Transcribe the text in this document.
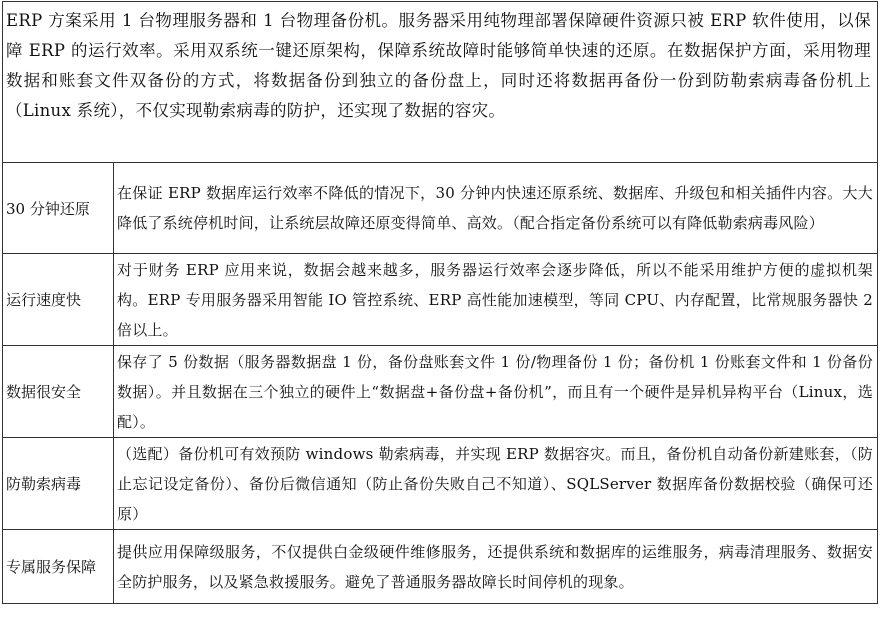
ERP 方案采用 1 台物理服务器和 1 台物理备份机。服务器采用纯物理部署保障硬件资源只被 ERP 软件使用，以保障 ERP 的运行效率。采用双系统一键还原架构，保障系统故障时能够简单快速的还原。在数据保护方面，采用物理数据和账套文件双备份的方式，将数据备份到独立的备份盘上，同时还将数据再备份一份到防勒索病毒备份机上（Linux 系统），不仅实现勒索病毒的防护，还实现了数据的容灾。	

30 分钟还原	在保证 ERP 数据库运行效率不降低的情况下，30 分钟内快速还原系统、数据库、升级包和相关插件内容。大大降低了系统停机时间，让系统层故障还原变得简单、高效。（配合指定备份系统可以有降低勒索病毒风险）
运行速度快	对于财务 ERP 应用来说，数据会越来越多，服务器运行效率会逐步降低，所以不能采用维护方便的虚拟机架构。ERP 专用服务器采用智能 IO 管控系统、ERP 高性能加速模型，等同 CPU、内存配置，比常规服务器快 2 倍以上。
数据很安全	保存了 5 份数据（服务器数据盘 1 份，备份盘账套文件 1 份/物理备份 1 份；备份机 1 份账套文件和 1 份备份数据）。并且数据在三个独立的硬件上“数据盘+备份盘+备份机”，而且有一个硬件是异机异构平台（Linux，选配）。
防勒索病毒	（选配）备份机可有效预防 windows 勒索病毒，并实现 ERP 数据容灾。而且，备份机自动备份新建账套，（防止忘记设定备份）、备份后微信通知（防止备份失败自己不知道）、SQLServer 数据库备份数据校验（确保可还原）
专属服务保障	提供应用保障级服务，不仅提供白金级硬件维修服务，还提供系统和数据库的运维服务，病毒清理服务、数据安全防护服务，以及紧急救援服务。避免了普通服务器故障长时间停机的现象。
